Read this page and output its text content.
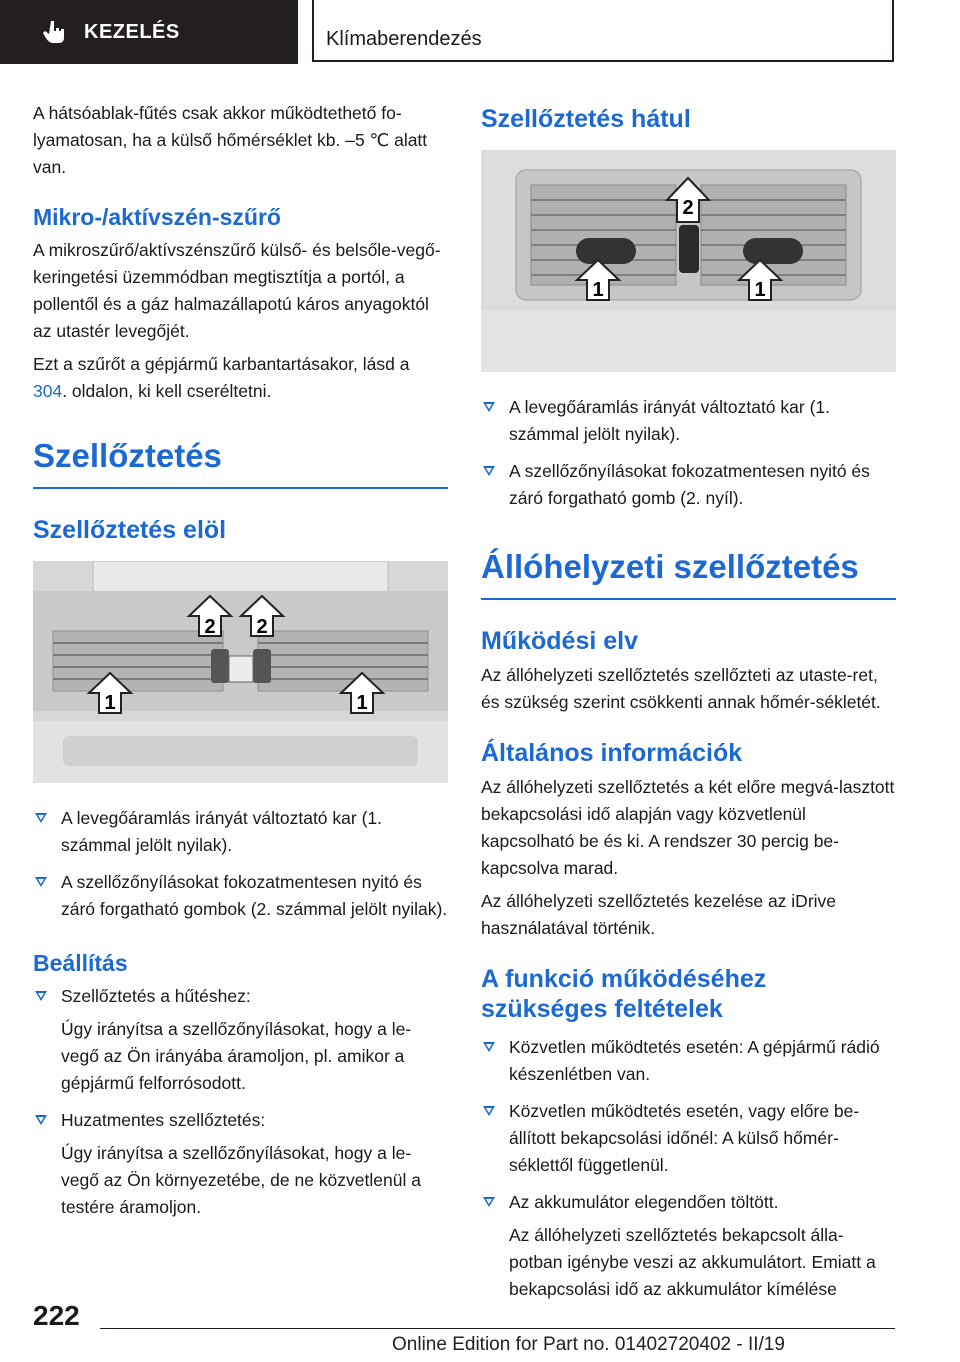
KEZELÉS	Klímaberendezés

A hátsóablak-fűtés csak akkor működtethető fo-lyamatosan, ha a külső hőmérséklet kb. –5 ℃ alatt van.

Mikro-/aktívszén-szűrő

A mikroszűrő/aktívszénszűrő külső- és belsőle-vegő-keringetési üzemmódban megtisztítja a portól, a pollentől és a gáz halmazállapotú káros anyagoktól az utastér levegőjét.

Ezt a szűrőt a gépjármű karbantartásakor, lásd a 304. oldalon, ki kell cseréltetni.

Szellőztetés
Szellőztetés elöl
2 2
1	1
A levegőáramlás irányát változtató kar (1. számmal jelölt nyilak).
A szellőzőnyílásokat fokozatmentesen nyitó és záró forgatható gombok (2. számmal jelölt nyilak).
Beállítás
Szellőztetés a hűtéshez:
Úgy irányítsa a szellőzőnyílásokat, hogy a le-vegő az Ön irányába áramoljon, pl. amikor a gépjármű felforrósodott.
Huzatmentes szellőztetés:
Úgy irányítsa a szellőzőnyílásokat, hogy a le-vegő az Ön környezetébe, de ne közvetlenül a testére áramoljon.
Szellőztetés hátul
2
1	1
A levegőáramlás irányát változtató kar (1. számmal jelölt nyilak).
A szellőzőnyílásokat fokozatmentesen nyitó és záró forgatható gomb (2. nyíl).
Állóhelyzeti szellőztetés
Működési elv

Az állóhelyzeti szellőztetés szellőzteti az utaste-ret, és szükség szerint csökkenti annak hőmér-sékletét.

Általános információk

Az állóhelyzeti szellőztetés a két előre megvá-lasztott bekapcsolási idő alapján vagy közvetlenül kapcsolható be és ki. A rendszer 30 percig be-kapcsolva marad.

Az állóhelyzeti szellőztetés kezelése az iDrive használatával történik.

A funkció működéséhez szükséges feltételek
Közvetlen működtetés esetén: A gépjármű rádió készenlétben van.
Közvetlen működtetés esetén, vagy előre be-állított bekapcsolási időnél: A külső hőmér-séklettől függetlenül.
Az akkumulátor elegendően töltött.
Az állóhelyzeti szellőztetés bekapcsolt álla-potban igénybe veszi az akkumulátort. Emiatt a bekapcsolási idő az akkumulátor kímélése
222
Online Edition for Part no. 01402720402 - II/19
